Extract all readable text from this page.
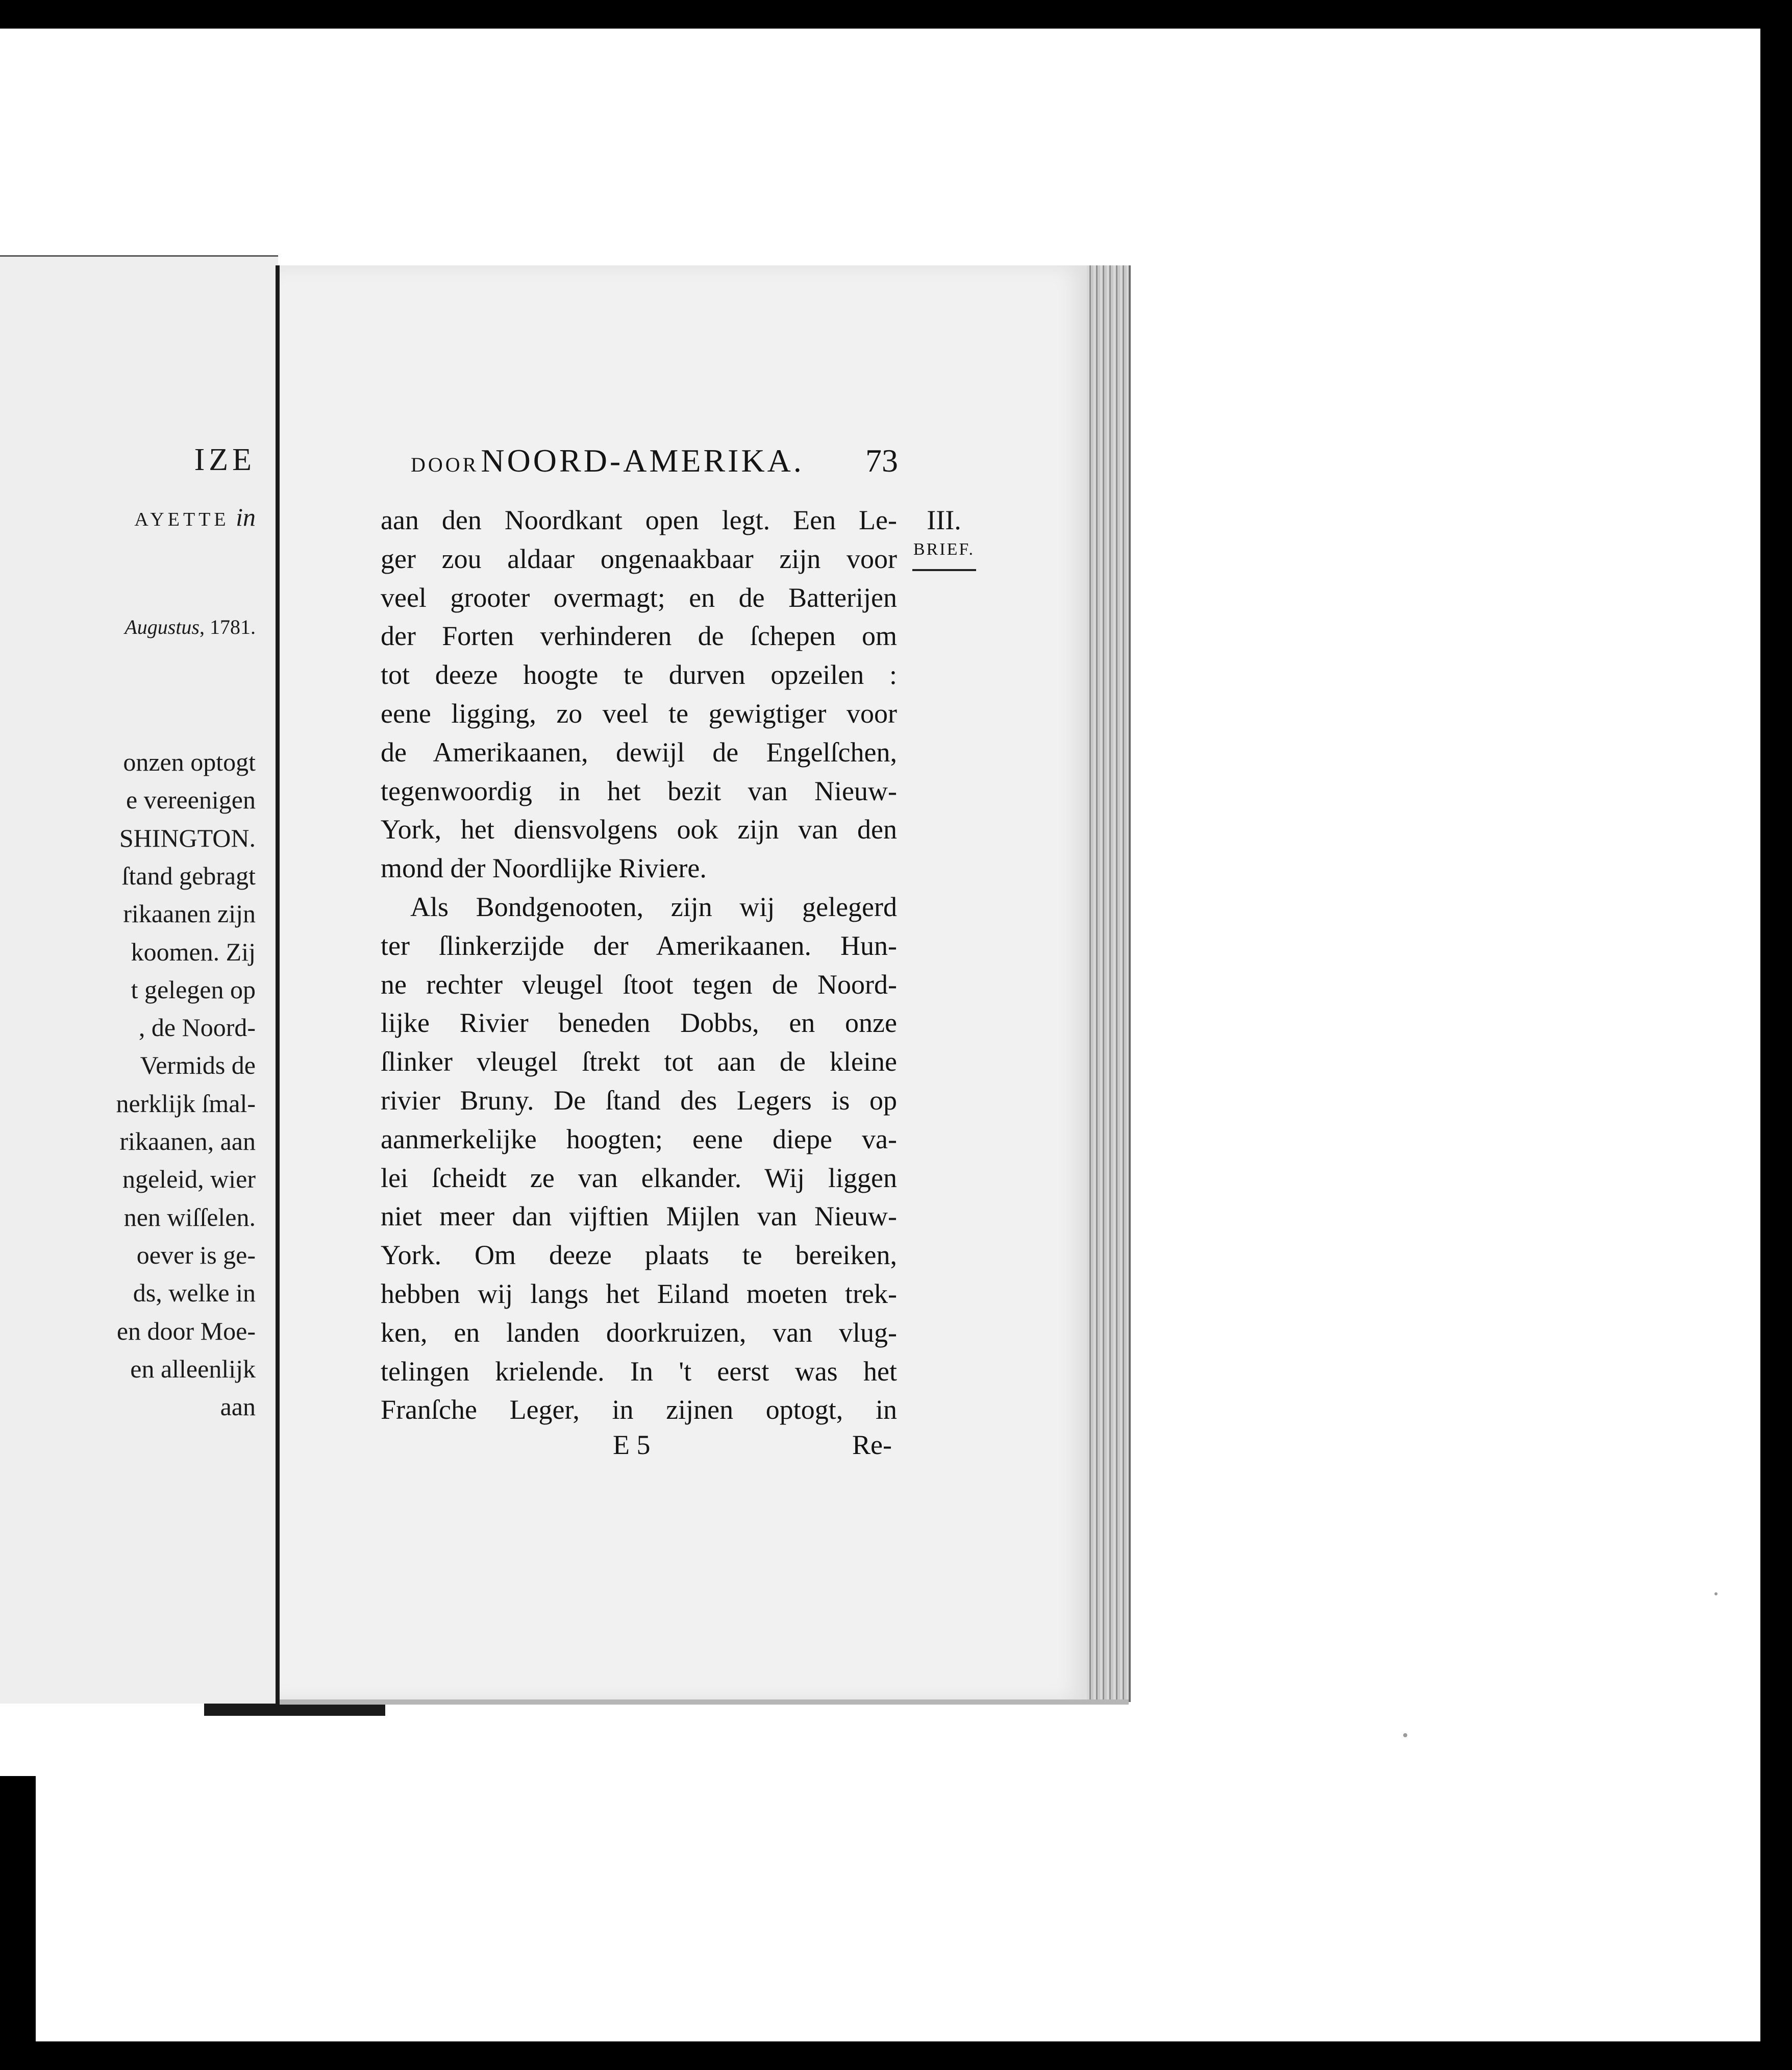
IZE
AYETTE in
Augustus, 1781.
onzen optogt
e vereenigen
SHINGTON.
ſtand gebragt
rikaanen zijn
koomen. Zij
t gelegen op
, de Noord-
Vermids de
nerklijk ſmal-
rikaanen, aan
ngeleid, wier
nen wiſſelen.
oever is ge-
ds, welke in
en door Moe-
en alleenlijk
aan
DOOR NOORD-AMERIKA. 73
III.
BRIEF.
aan den Noordkant open legt. Een Le-
ger zou aldaar ongenaakbaar zijn voor
veel grooter overmagt; en de Batterijen
der Forten verhinderen de ſchepen om
tot deeze hoogte te durven opzeilen :
eene ligging, zo veel te gewigtiger voor
de Amerikaanen, dewijl de Engelſchen,
tegenwoordig in het bezit van Nieuw-
York, het diensvolgens ook zijn van den
mond der Noordlijke Riviere.
Als Bondgenooten, zijn wij gelegerd
ter ſlinkerzijde der Amerikaanen. Hun-
ne rechter vleugel ſtoot tegen de Noord-
lijke Rivier beneden Dobbs, en onze
ſlinker vleugel ſtrekt tot aan de kleine
rivier Bruny. De ſtand des Legers is op
aanmerkelijke hoogten; eene diepe va-
lei ſcheidt ze van elkander. Wij liggen
niet meer dan vijftien Mijlen van Nieuw-
York. Om deeze plaats te bereiken,
hebben wij langs het Eiland moeten trek-
ken, en landen doorkruizen, van vlug-
telingen krielende. In 't eerst was het
Franſche Leger, in zijnen optogt, in
E 5	Re-
